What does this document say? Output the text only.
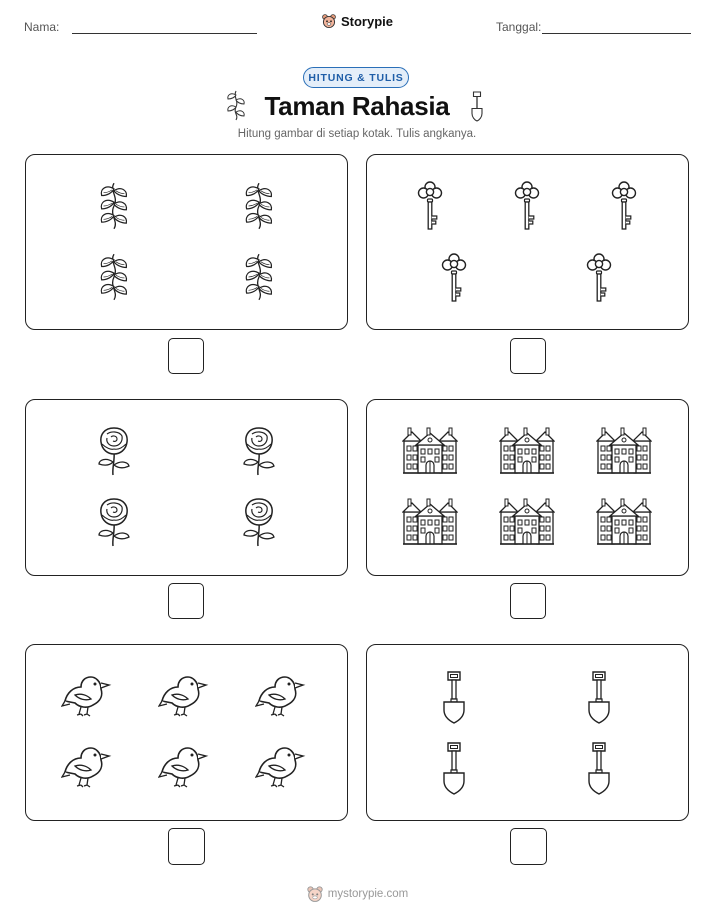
Nama:	Storypie	Tanggal:
HITUNG & TULIS
Taman Rahasia
Hitung gambar di setiap kotak. Tulis angkanya.
mystorypie.com
